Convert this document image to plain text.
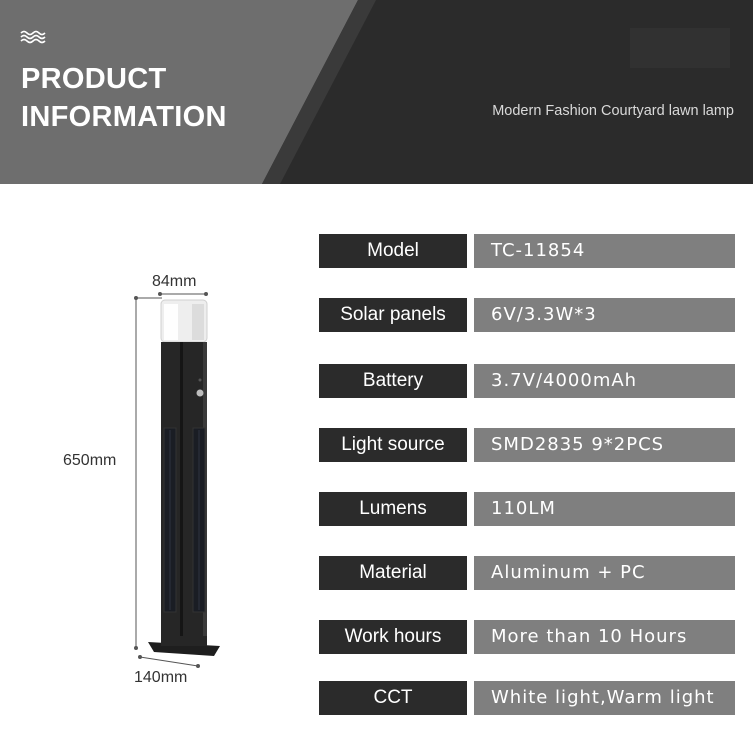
PRODUCT
INFORMATION	Modern Fashion Courtyard lawn lamp
84mm
650mm
140mm
Model	TC-11854
Solar panels	6V/3.3W*3
Battery	3.7V/4000mAh
Light source	SMD2835 9*2PCS
Lumens	110LM
Material	Aluminum + PC
Work hours	More than 10 Hours
CCT	White light,Warm light
